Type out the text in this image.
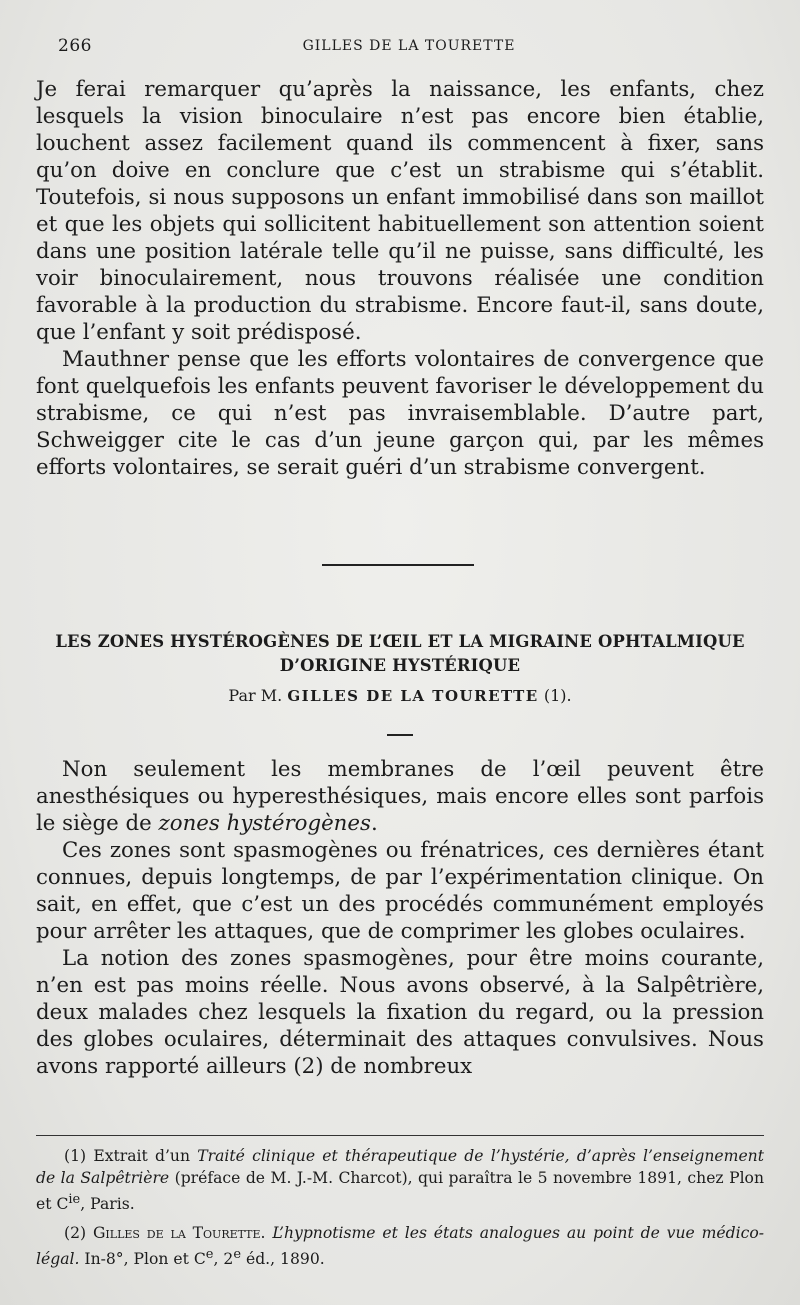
266	GILLES DE LA TOURETTE

Je ferai remarquer qu’après la naissance, les enfants, chez lesquels la vision binoculaire n’est pas encore bien établie, louchent assez facilement quand ils commencent à fixer, sans qu’on doive en conclure que c’est un strabisme qui s’établit. Toutefois, si nous supposons un enfant immobilisé dans son maillot et que les objets qui sollicitent habituellement son attention soient dans une position latérale telle qu’il ne puisse, sans difficulté, les voir binoculairement, nous trouvons réalisée une condition favorable à la production du strabisme. Encore faut-il, sans doute, que l’enfant y soit prédisposé.

Mauthner pense que les efforts volontaires de convergence que font quelquefois les enfants peuvent favoriser le développement du strabisme, ce qui n’est pas invraisemblable. D’autre part, Schweigger cite le cas d’un jeune garçon qui, par les mêmes efforts volontaires, se serait guéri d’un strabisme convergent.

LES ZONES HYSTÉROGÈNES DE L’ŒIL ET LA MIGRAINE OPHTALMIQUE
D’ORIGINE HYSTÉRIQUE
Par M. GILLES DE LA TOURETTE (1).

Non seulement les membranes de l’œil peuvent être anesthésiques ou hyperesthésiques, mais encore elles sont parfois le siège de zones hystérogènes.

Ces zones sont spasmogènes ou frénatrices, ces dernières étant connues, depuis longtemps, de par l’expérimentation clinique. On sait, en effet, que c’est un des procédés communément employés pour arrêter les attaques, que de comprimer les globes oculaires.

La notion des zones spasmogènes, pour être moins courante, n’en est pas moins réelle. Nous avons observé, à la Salpêtrière, deux malades chez lesquels la fixation du regard, ou la pression des globes oculaires, déterminait des attaques convulsives. Nous avons rapporté ailleurs (2) de nombreux

(1) Extrait d’un Traité clinique et thérapeutique de l’hystérie, d’après l’enseignement de la Salpêtrière (préface de M. J.-M. Charcot), qui paraîtra le 5 novembre 1891, chez Plon et $C^{ie}$, Paris.

(2) Gilles de la Tourette. L’hypnotisme et les états analogues au point de vue médico-légal. In-8°, Plon et Ce, 2e éd., 1890.
